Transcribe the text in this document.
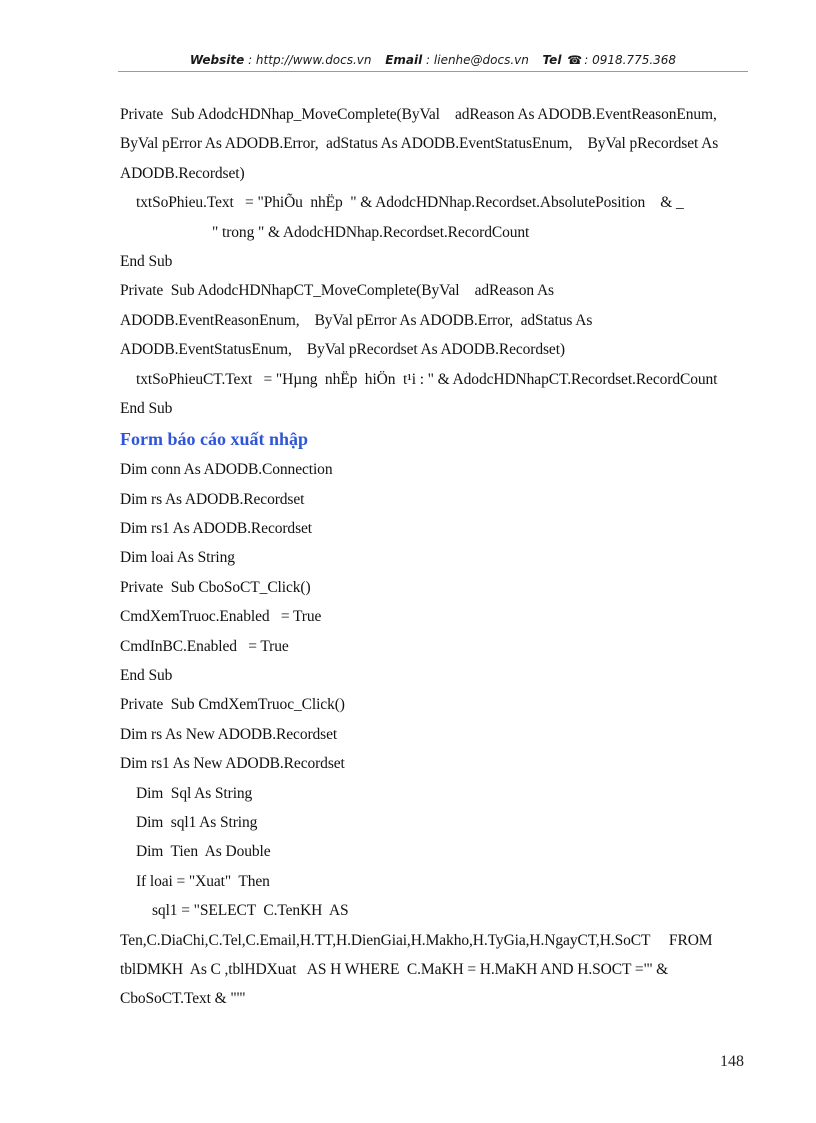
Website : http://www.docs.vn Email : lienhe@docs.vn Tel ☎ : 0918.775.368
Private  Sub AdodcHDNhap_MoveComplete(ByVal    adReason As ADODB.EventReasonEnum,
ByVal pError As ADODB.Error,  adStatus As ADODB.EventStatusEnum,    ByVal pRecordset As
ADODB.Recordset)
txtSoPhieu.Text   = "PhiÕu  nhËp  " & AdodcHDNhap.Recordset.AbsolutePosition    & _
" trong " & AdodcHDNhap.Recordset.RecordCount
End Sub
Private  Sub AdodcHDNhapCT_MoveComplete(ByVal    adReason As
ADODB.EventReasonEnum,    ByVal pError As ADODB.Error,  adStatus As
ADODB.EventStatusEnum,    ByVal pRecordset As ADODB.Recordset)
txtSoPhieuCT.Text   = "Hµng  nhËp  hiÖn  t¹i : " & AdodcHDNhapCT.Recordset.RecordCount
End Sub
Form báo cáo xuất nhập
Dim conn As ADODB.Connection
Dim rs As ADODB.Recordset
Dim rs1 As ADODB.Recordset
Dim loai As String
Private  Sub CboSoCT_Click()
CmdXemTruoc.Enabled   = True
CmdInBC.Enabled   = True
End Sub
Private  Sub CmdXemTruoc_Click()
Dim rs As New ADODB.Recordset
Dim rs1 As New ADODB.Recordset
Dim  Sql As String
Dim  sql1 As String
Dim  Tien  As Double
If loai = "Xuat"  Then
sql1 = "SELECT  C.TenKH  AS
Ten,C.DiaChi,C.Tel,C.Email,H.TT,H.DienGiai,H.Makho,H.TyGia,H.NgayCT,H.SoCT     FROM
tblDMKH  As C ,tblHDXuat   AS H WHERE  C.MaKH = H.MaKH AND H.SOCT ="' &
CboSoCT.Text & "'"
148
